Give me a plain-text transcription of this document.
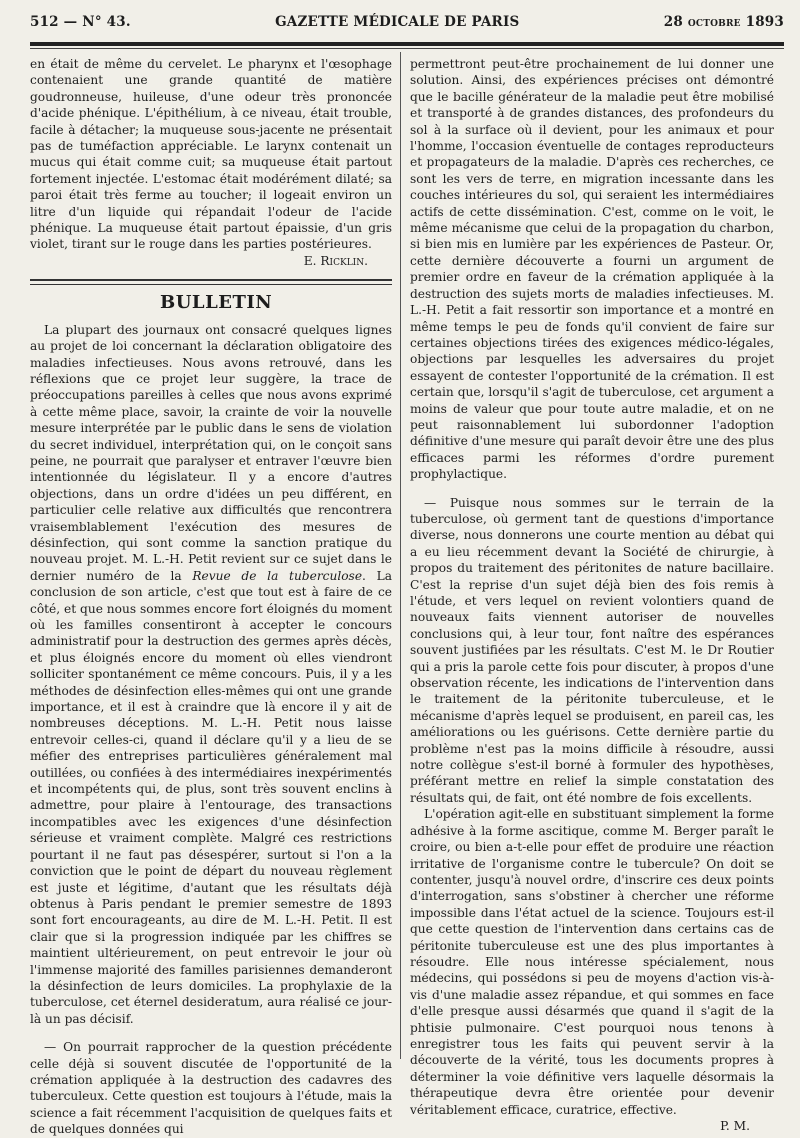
512 — N° 43.	GAZETTE MÉDICALE DE PARIS	28 octobre 1893

en était de même du cervelet. Le pharynx et l'œsophage contenaient une grande quantité de matière goudronneuse, huileuse, d'une odeur très prononcée d'acide phénique. L'épithélium, à ce niveau, était trouble, facile à détacher; la muqueuse sous-jacente ne présentait pas de tuméfaction appréciable. Le larynx contenait un mucus qui était comme cuit; sa muqueuse était partout fortement injectée. L'estomac était modérément dilaté; sa paroi était très ferme au toucher; il logeait environ un litre d'un liquide qui répandait l'odeur de l'acide phénique. La muqueuse était partout épaissie, d'un gris violet, tirant sur le rouge dans les parties postérieures.

E. Ricklin.

BULLETIN

La plupart des journaux ont consacré quelques lignes au projet de loi concernant la déclaration obligatoire des maladies infectieuses. Nous avons retrouvé, dans les réflexions que ce projet leur suggère, la trace de préoccupations pareilles à celles que nous avons exprimé à cette même place, savoir, la crainte de voir la nouvelle mesure interprétée par le public dans le sens de violation du secret individuel, interprétation qui, on le conçoit sans peine, ne pourrait que paralyser et entraver l'œuvre bien intentionnée du législateur. Il y a encore d'autres objections, dans un ordre d'idées un peu différent, en particulier celle relative aux difficultés que rencontrera vraisemblablement l'exécution des mesures de désinfection, qui sont comme la sanction pratique du nouveau projet. M. L.-H. Petit revient sur ce sujet dans le dernier numéro de la Revue de la tuberculose. La conclusion de son article, c'est que tout est à faire de ce côté, et que nous sommes encore fort éloignés du moment où les familles consentiront à accepter le concours administratif pour la destruction des germes après décès, et plus éloignés encore du moment où elles viendront solliciter spontanément ce même concours. Puis, il y a les méthodes de désinfection elles-mêmes qui ont une grande importance, et il est à craindre que là encore il y ait de nombreuses déceptions. M. L.-H. Petit nous laisse entrevoir celles-ci, quand il déclare qu'il y a lieu de se méfier des entreprises particulières généralement mal outillées, ou confiées à des intermédiaires inexpérimentés et incompétents qui, de plus, sont très souvent enclins à admettre, pour plaire à l'entourage, des transactions incompatibles avec les exigences d'une désinfection sérieuse et vraiment complète. Malgré ces restrictions pourtant il ne faut pas désespérer, surtout si l'on a la conviction que le point de départ du nouveau règlement est juste et légitime, d'autant que les résultats déjà obtenus à Paris pendant le premier semestre de 1893 sont fort encourageants, au dire de M. L.-H. Petit. Il est clair que si la progression indiquée par les chiffres se maintient ultérieurement, on peut entrevoir le jour où l'immense majorité des familles parisiennes demanderont la désinfection de leurs domiciles. La prophylaxie de la tuberculose, cet éternel desideratum, aura réalisé ce jour-là un pas décisif.

— On pourrait rapprocher de la question précédente celle déjà si souvent discutée de l'opportunité de la crémation appliquée à la destruction des cadavres des tuberculeux. Cette question est toujours à l'étude, mais la science a fait récemment l'acquisition de quelques faits et de quelques données qui

permettront peut-être prochainement de lui donner une solution. Ainsi, des expériences précises ont démontré que le bacille générateur de la maladie peut être mobilisé et transporté à de grandes distances, des profondeurs du sol à la surface où il devient, pour les animaux et pour l'homme, l'occasion éventuelle de contages reproducteurs et propagateurs de la maladie. D'après ces recherches, ce sont les vers de terre, en migration incessante dans les couches intérieures du sol, qui seraient les intermédiaires actifs de cette dissémination. C'est, comme on le voit, le même mécanisme que celui de la propagation du charbon, si bien mis en lumière par les expériences de Pasteur. Or, cette dernière découverte a fourni un argument de premier ordre en faveur de la crémation appliquée à la destruction des sujets morts de maladies infectieuses. M. L.-H. Petit a fait ressortir son importance et a montré en même temps le peu de fonds qu'il convient de faire sur certaines objections tirées des exigences médico-légales, objections par lesquelles les adversaires du projet essayent de contester l'opportunité de la crémation. Il est certain que, lorsqu'il s'agit de tuberculose, cet argument a moins de valeur que pour toute autre maladie, et on ne peut raisonnablement lui subordonner l'adoption définitive d'une mesure qui paraît devoir être une des plus efficaces parmi les réformes d'ordre purement prophylactique.

— Puisque nous sommes sur le terrain de la tuberculose, où germent tant de questions d'importance diverse, nous donnerons une courte mention au débat qui a eu lieu récemment devant la Société de chirurgie, à propos du traitement des péritonites de nature bacillaire. C'est la reprise d'un sujet déjà bien des fois remis à l'étude, et vers lequel on revient volontiers quand de nouveaux faits viennent autoriser de nouvelles conclusions qui, à leur tour, font naître des espérances souvent justifiées par les résultats. C'est M. le Dr Routier qui a pris la parole cette fois pour discuter, à propos d'une observation récente, les indications de l'intervention dans le traitement de la péritonite tuberculeuse, et le mécanisme d'après lequel se produisent, en pareil cas, les améliorations ou les guérisons. Cette dernière partie du problème n'est pas la moins difficile à résoudre, aussi notre collègue s'est-il borné à formuler des hypothèses, préférant mettre en relief la simple constatation des résultats qui, de fait, ont été nombre de fois excellents.

L'opération agit-elle en substituant simplement la forme adhésive à la forme ascitique, comme M. Berger paraît le croire, ou bien a-t-elle pour effet de produire une réaction irritative de l'organisme contre le tubercule? On doit se contenter, jusqu'à nouvel ordre, d'inscrire ces deux points d'interrogation, sans s'obstiner à chercher une réforme impossible dans l'état actuel de la science. Toujours est-il que cette question de l'intervention dans certains cas de péritonite tuberculeuse est une des plus importantes à résoudre. Elle nous intéresse spécialement, nous médecins, qui possédons si peu de moyens d'action vis-à-vis d'une maladie assez répandue, et qui sommes en face d'elle presque aussi désarmés que quand il s'agit de la phtisie pulmonaire. C'est pourquoi nous tenons à enregistrer tous les faits qui peuvent servir à la découverte de la vérité, tous les documents propres à déterminer la voie définitive vers laquelle désormais la thérapeutique devra être orientée pour devenir véritablement efficace, curatrice, effective.

P. M.
